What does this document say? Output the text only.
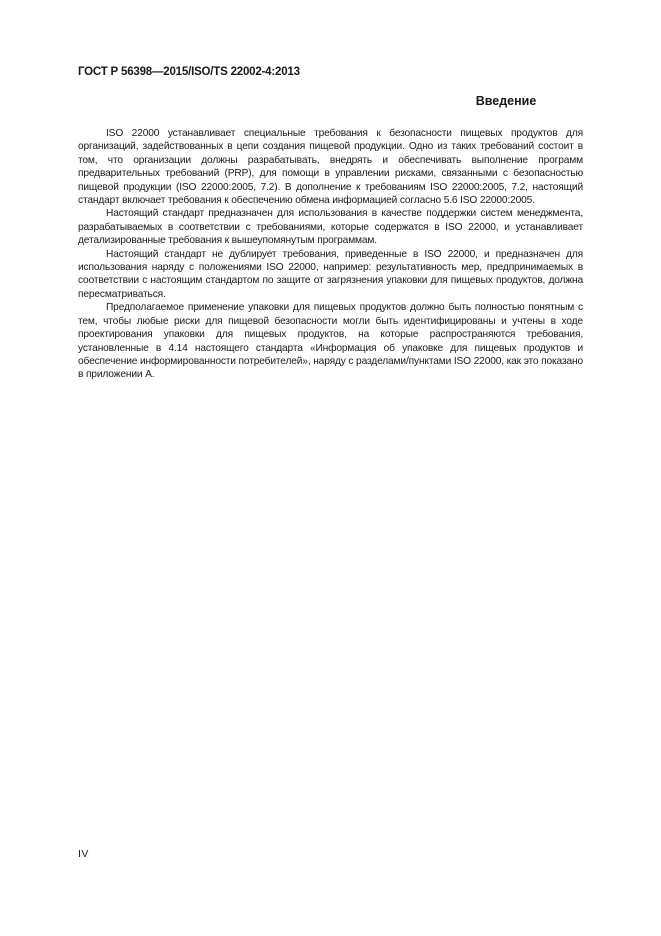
ГОСТ Р 56398—2015/ISO/TS 22002-4:2013
Введение

ISO 22000 устанавливает специальные требования к безопасности пищевых продуктов для организаций, задействованных в цепи создания пищевой продукции. Одно из таких требований состоит в том, что организации должны разрабатывать, внедрять и обеспечивать выполнение программ предварительных требований (PRP), для помощи в управлении рисками, связанными с безопасностью пищевой продукции (ISO 22000:2005, 7.2). В дополнение к требованиям ISO 22000:2005, 7.2, настоящий стандарт включает требования к обеспечению обмена информацией согласно 5.6 ISO 22000:2005.

Настоящий стандарт предназначен для использования в качестве поддержки систем менеджмента, разрабатываемых в соответствии с требованиями, которые содержатся в ISO 22000, и устанавливает детализированные требования к вышеупомянутым программам.

Настоящий стандарт не дублирует требования, приведенные в ISO 22000, и предназначен для использования наряду с положениями ISO 22000, например: результативность мер, предпринимаемых в соответствии с настоящим стандартом по защите от загрязнения упаковки для пищевых продуктов, должна пересматриваться.

Предполагаемое применение упаковки для пищевых продуктов должно быть полностью понятным с тем, чтобы любые риски для пищевой безопасности могли быть идентифицированы и учтены в ходе проектирования упаковки для пищевых продуктов, на которые распространяются требования, установленные в 4.14 настоящего стандарта «Информация об упаковке для пищевых продуктов и обеспечение информированности потребителей», наряду с разделами/пунктами ISO 22000, как это показано в приложении А.

IV
